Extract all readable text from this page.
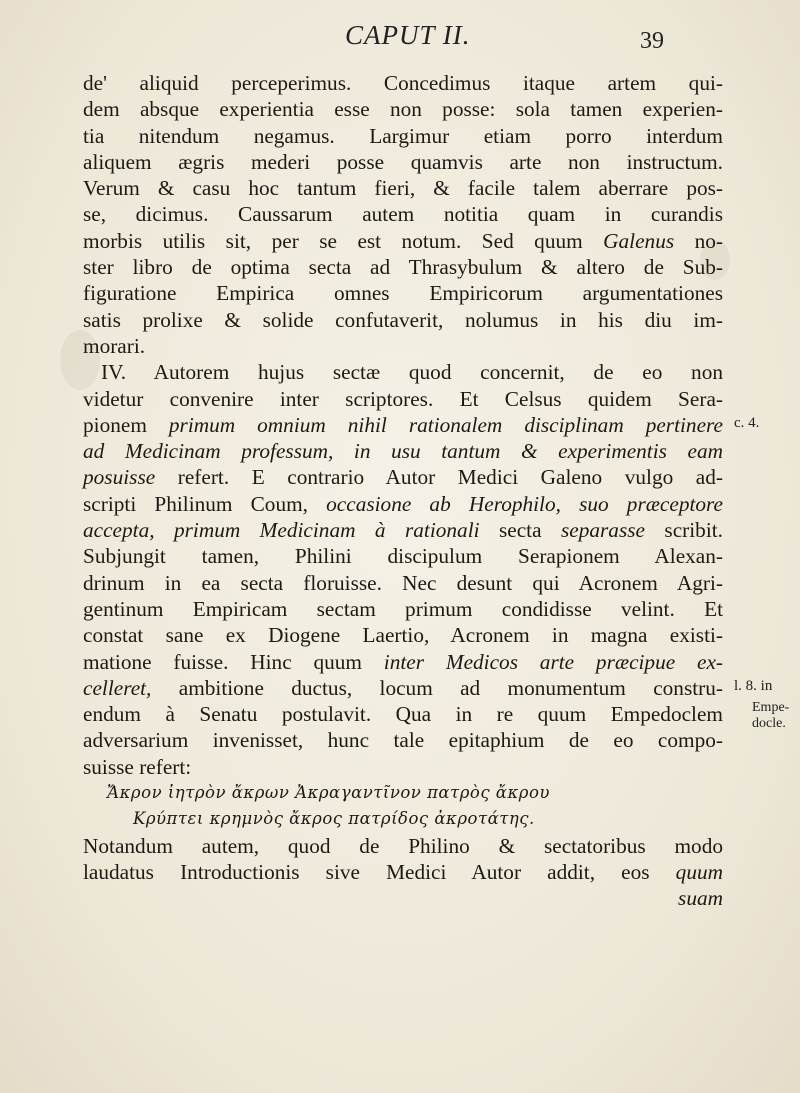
CAPUT II.	39
de' aliquid perceperimus. Concedimus itaque artem qui-
dem absque experientia esse non posse: sola tamen experien-
tia nitendum negamus. Largimur etiam porro interdum
aliquem ægris mederi posse quamvis arte non instructum.
Verum & casu hoc tantum fieri, & facile talem aberrare pos-
se, dicimus. Caussarum autem notitia quam in curandis
morbis utilis sit, per se est notum. Sed quum Galenus no-
ster libro de optima secta ad Thrasybulum & altero de Sub-
figuratione Empirica omnes Empiricorum argumentationes
satis prolixe & solide confutaverit, nolumus in his diu im-
morari.
IV. Autorem hujus sectæ quod concernit, de eo non
videtur convenire inter scriptores. Et Celsus quidem Sera-
pionem primum omnium nihil rationalem disciplinam pertinere
ad Medicinam professum, in usu tantum & experimentis eam
posuisse refert. E contrario Autor Medici Galeno vulgo ad-
scripti Philinum Coum, occasione ab Herophilo, suo præceptore
accepta, primum Medicinam à rationali secta separasse scribit.
Subjungit tamen, Philini discipulum Serapionem Alexan-
drinum in ea secta floruisse. Nec desunt qui Acronem Agri-
gentinum Empiricam sectam primum condidisse velint. Et
constat sane ex Diogene Laertio, Acronem in magna existi-
matione fuisse. Hinc quum inter Medicos arte præcipue ex-
celleret, ambitione ductus, locum ad monumentum constru-
endum à Senatu postulavit. Qua in re quum Empedoclem
adversarium invenisset, hunc tale epitaphium de eo compo-
suisse refert:
Ἄκρον ἰητρὸν ἄκρων Ἀκραγαντῖνον πατρὸς ἄκρου
Κρύπτει κρημνὸς ἄκρος πατρίδος ἀκροτάτης.
Notandum autem, quod de Philino & sectatoribus modo
laudatus Introductionis sive Medici Autor addit, eos quum
suam
c. 4.
l. 8. in
Empe-
docle.
